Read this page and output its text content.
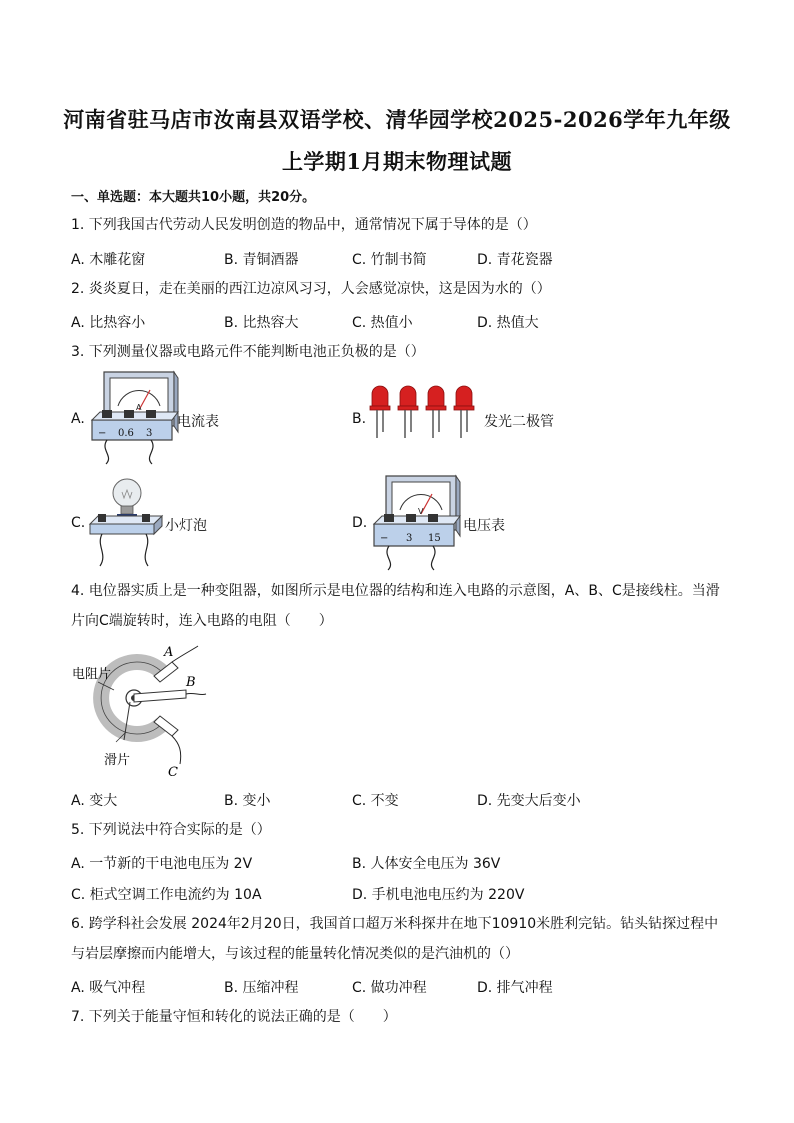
河南省驻马店市汝南县双语学校、清华园学校2025-2026学年九年级
上学期1月期末物理试题
一、单选题：本大题共10小题，共20分。
1. 下列我国古代劳动人民发明创造的物品中，通常情况下属于导体的是（）
A. 木雕花窗	B. 青铜酒器	C. 竹制书简	D. 青花瓷器
2. 炎炎夏日，走在美丽的西江边凉风习习，人会感觉凉快，这是因为水的（）
A. 比热容小	B. 比热容大	C. 热值小	D. 热值大
3. 下列测量仪器或电路元件不能判断电池正负极的是（）
A.
A
− 0.6 3
电流表	B.	发光二极管
C.	小灯泡	D.
V
− 3 15
电压表
4. 电位器实质上是一种变阻器，如图所示是电位器的结构和连入电路的示意图，A、B、C是接线柱。当滑
片向C端旋转时，连入电路的电阻（　　）
A
B
C
电阻片
滑片
A. 变大	B. 变小	C. 不变	D. 先变大后变小
5. 下列说法中符合实际的是（）
A. 一节新的干电池电压为 2V	B. 人体安全电压为 36V
C. 柜式空调工作电流约为 10A	D. 手机电池电压约为 220V
6. 跨学科社会发展 2024年2月20日，我国首口超万米科探井在地下10910米胜利完钻。钻头钻探过程中
与岩层摩擦而内能增大，与该过程的能量转化情况类似的是汽油机的（）
A. 吸气冲程	B. 压缩冲程	C. 做功冲程	D. 排气冲程
7. 下列关于能量守恒和转化的说法正确的是（　　）
